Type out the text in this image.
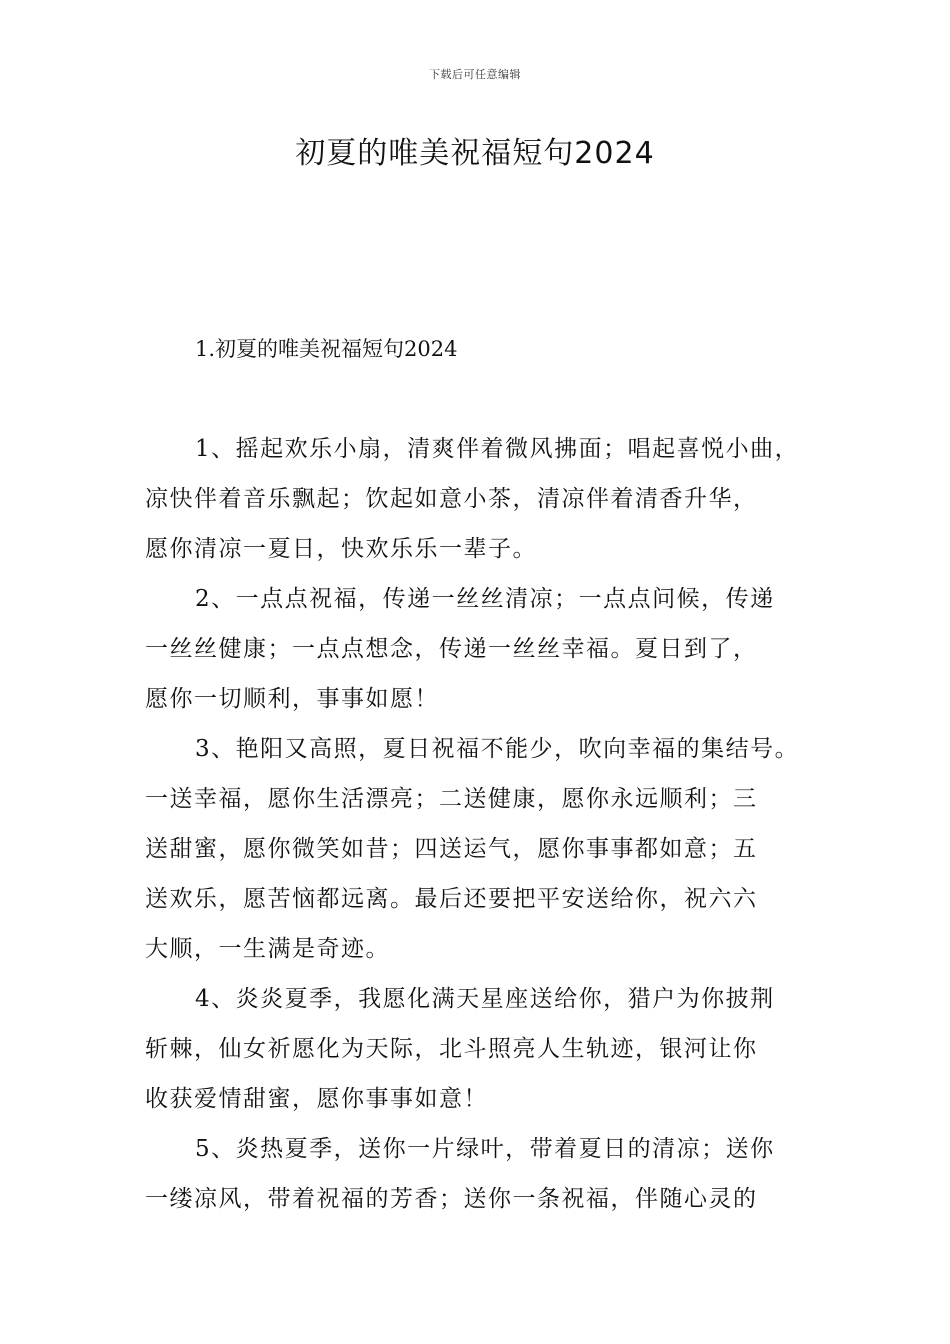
下载后可任意编辑
初夏的唯美祝福短句2024
1.初夏的唯美祝福短句2024

1、摇起欢乐小扇，清爽伴着微风拂面；唱起喜悦小曲，
凉快伴着音乐飘起；饮起如意小茶，清凉伴着清香升华，
愿你清凉一夏日，快欢乐乐一辈子。

2、一点点祝福，传递一丝丝清凉；一点点问候，传递
一丝丝健康；一点点想念，传递一丝丝幸福。夏日到了，
愿你一切顺利，事事如愿！

3、艳阳又高照，夏日祝福不能少，吹向幸福的集结号。
一送幸福，愿你生活漂亮；二送健康，愿你永远顺利；三
送甜蜜，愿你微笑如昔；四送运气，愿你事事都如意；五
送欢乐，愿苦恼都远离。最后还要把平安送给你，祝六六
大顺，一生满是奇迹。

4、炎炎夏季，我愿化满天星座送给你，猎户为你披荆
斩棘，仙女祈愿化为天际，北斗照亮人生轨迹，银河让你
收获爱情甜蜜，愿你事事如意！

5、炎热夏季，送你一片绿叶，带着夏日的清凉；送你
一缕凉风，带着祝福的芳香；送你一条祝福，伴随心灵的
